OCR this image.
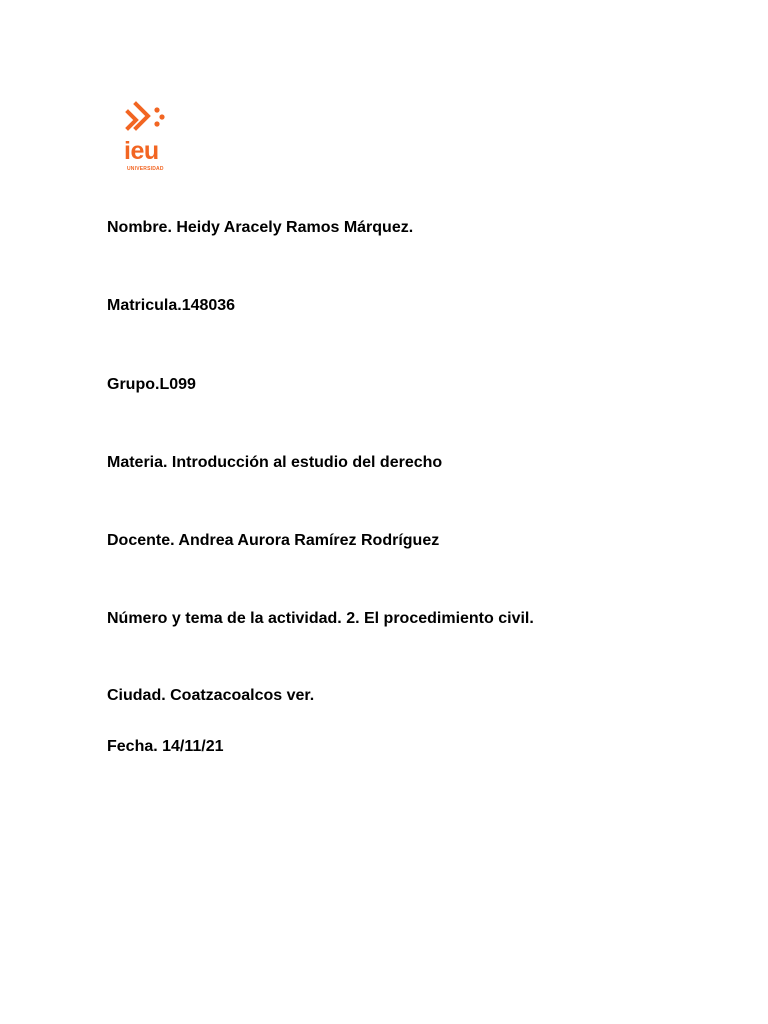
ieu
UNIVERSIDAD
Nombre. Heidy Aracely Ramos Márquez.
Matricula.148036
Grupo.L099
Materia. Introducción al estudio del derecho
Docente. Andrea Aurora Ramírez Rodríguez
Número y tema de la actividad. 2. El procedimiento civil.
Ciudad. Coatzacoalcos ver.
Fecha. 14/11/21
